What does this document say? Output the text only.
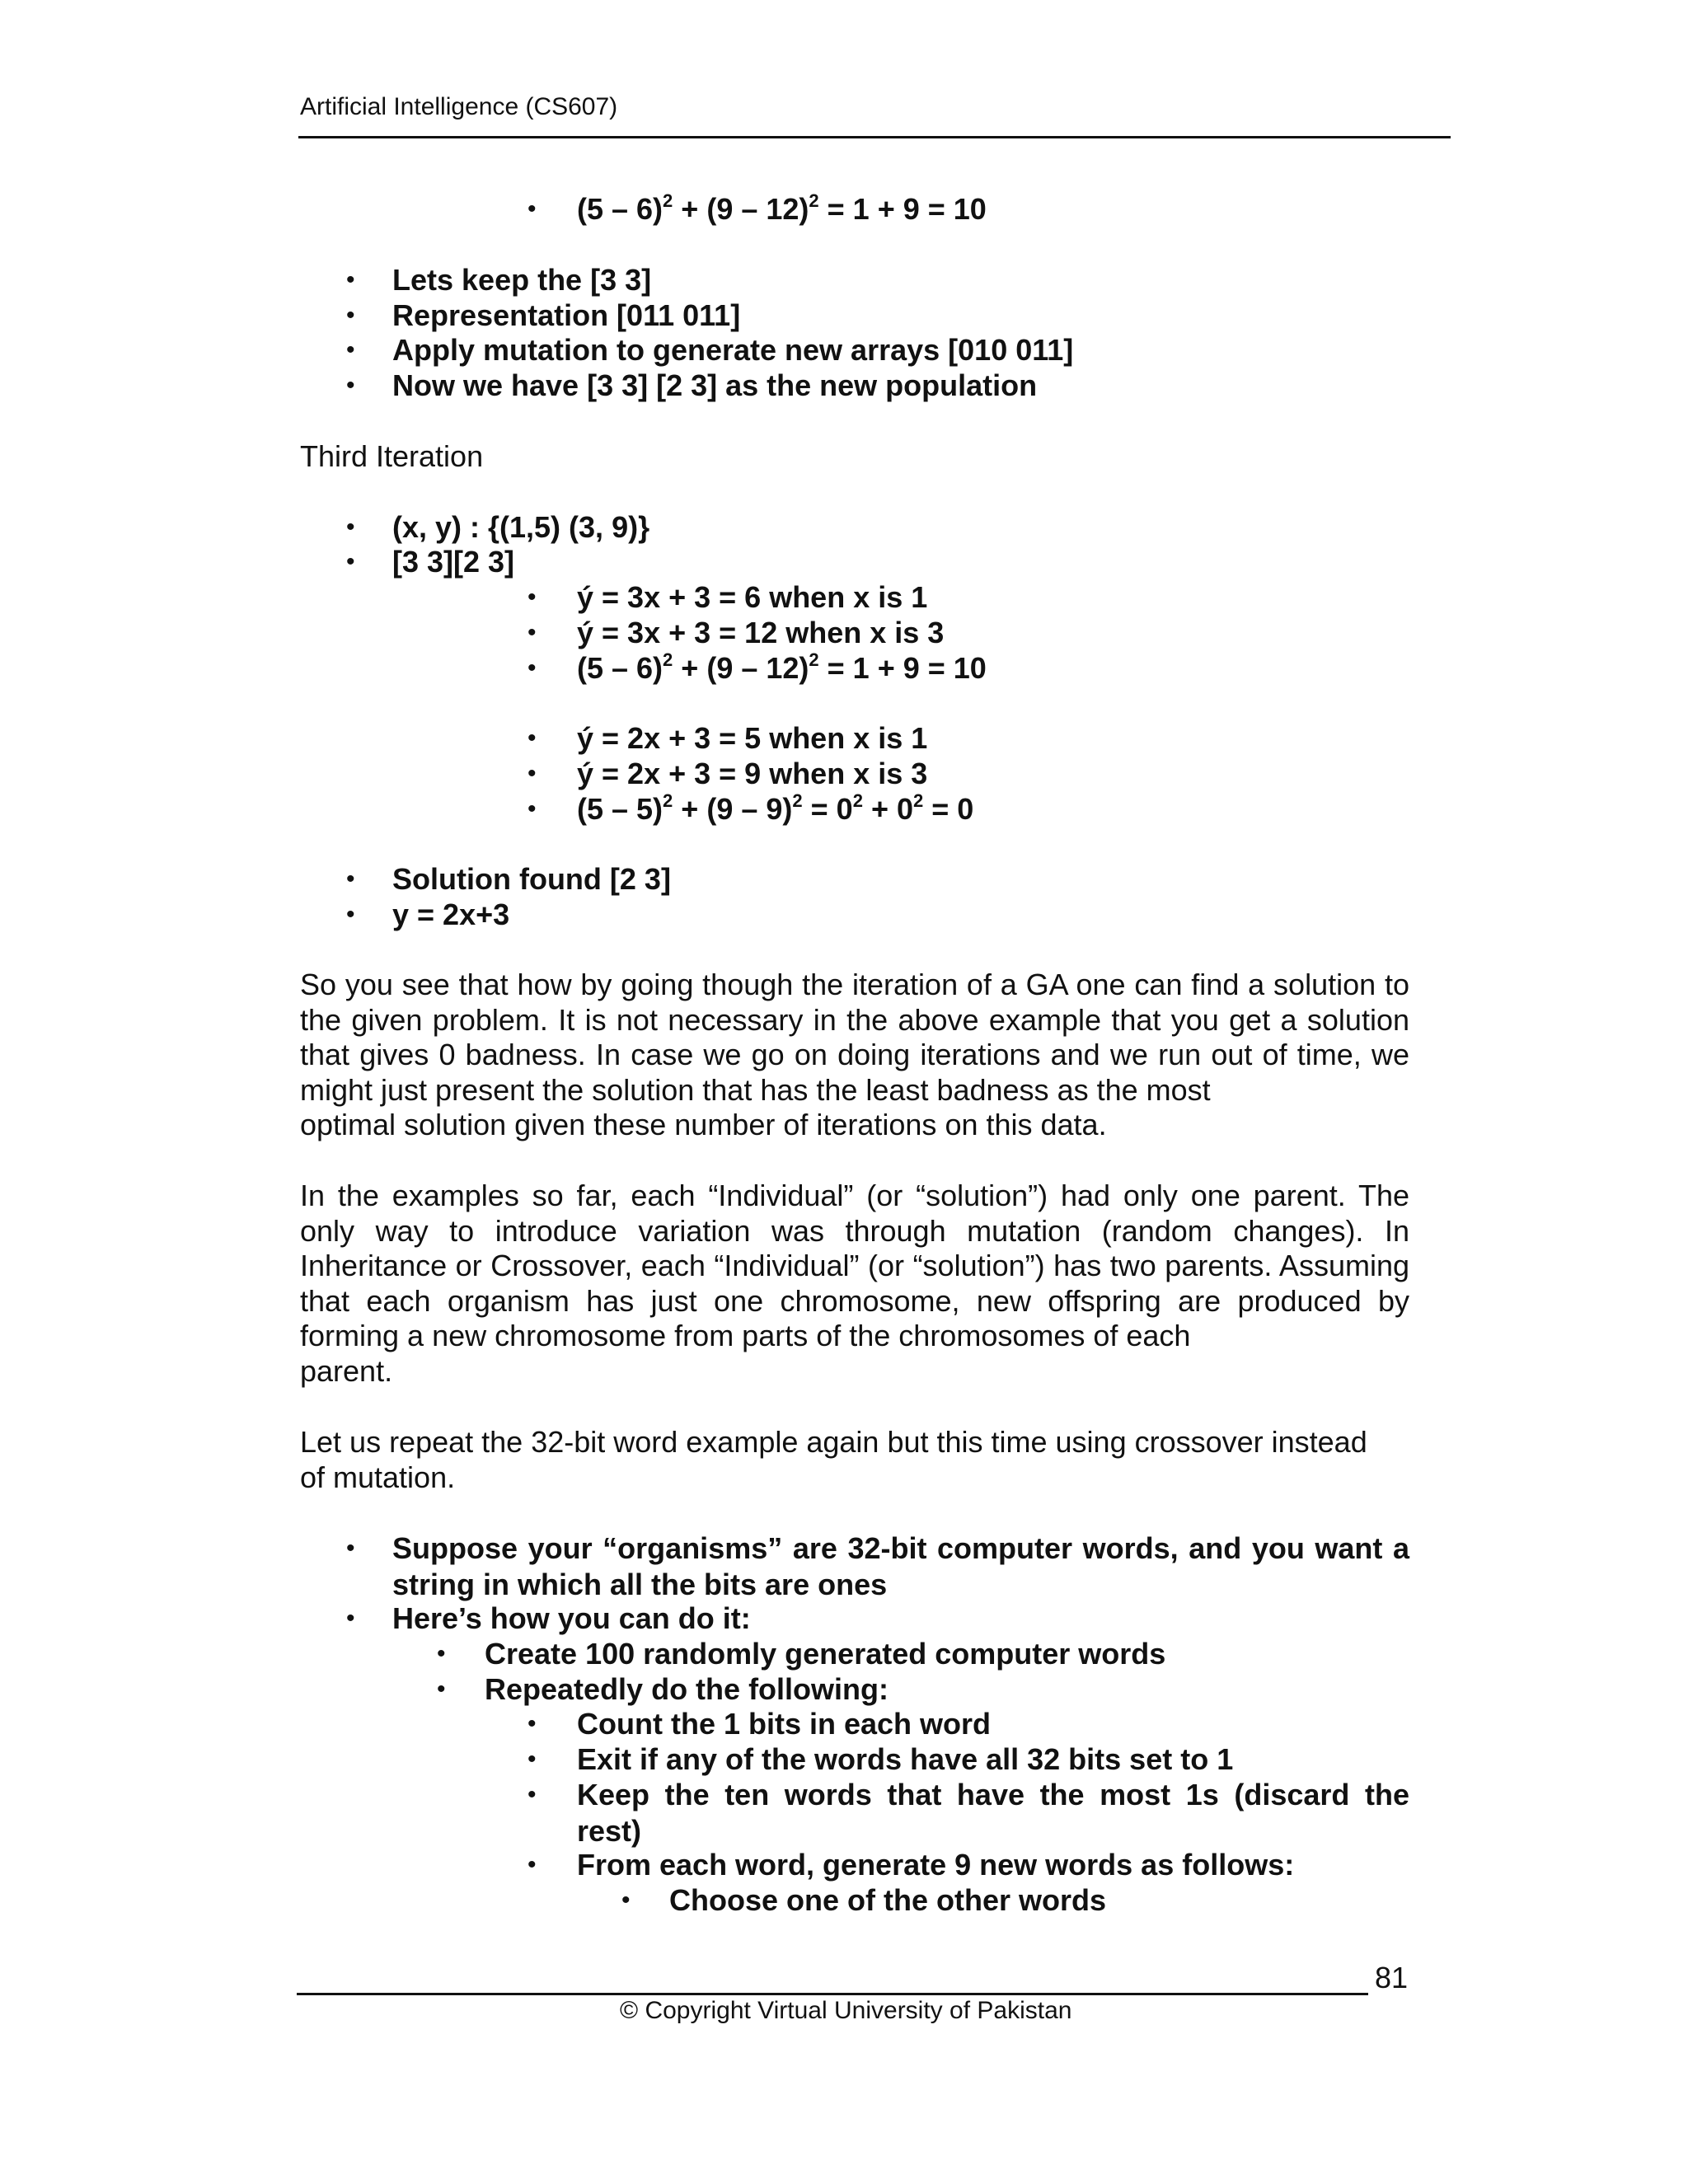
Artificial Intelligence (CS607)
• (5 – 6)$^2$ + (9 – 12)$^2$ = 1 + 9 = 10
• Lets keep the [3 3]
• Representation [011 011]
• Apply mutation to generate new arrays [010 011]
• Now we have [3 3] [2 3] as the new population
Third Iteration
• (x, y) : {(1,5) (3, 9)}
• [3 3][2 3]
• ý = 3x + 3 = 6 when x is 1
• ý = 3x + 3 = 12 when x is 3
• (5 – 6)$^2$ + (9 – 12)$^2$ = 1 + 9 = 10
• ý = 2x + 3 = 5 when x is 1
• ý = 2x + 3 = 9 when x is 3
• $(5 - 5)^2 + (9 - 9)^2 = 0^2 + 0^2 = 0$
• Solution found [2 3]
• y = 2x+3
So you see that how by going though the iteration of a GA one can find a solution to the given problem. It is not necessary in the above example that you get a solution that gives 0 badness. In case we go on doing iterations and we run out of time, we might just present the solution that has the least badness as the most
optimal solution given these number of iterations on this data.
In the examples so far, each “Individual” (or “solution”) had only one parent. The only way to introduce variation was through mutation (random changes). In Inheritance or Crossover, each “Individual” (or “solution”) has two parents. Assuming that each organism has just one chromosome, new offspring are produced by forming a new chromosome from parts of the chromosomes of each
parent.
Let us repeat the 32-bit word example again but this time using crossover instead
of mutation.
• Suppose your “organisms” are 32-bit computer words, and you want a string in which all the bits are ones
• Here’s how you can do it:
• Create 100 randomly generated computer words
• Repeatedly do the following:
• Count the 1 bits in each word
• Exit if any of the words have all 32 bits set to 1
• Keep the ten words that have the most 1s (discard the rest)
• From each word, generate 9 new words as follows:
• Choose one of the other words
81
© Copyright Virtual University of Pakistan
